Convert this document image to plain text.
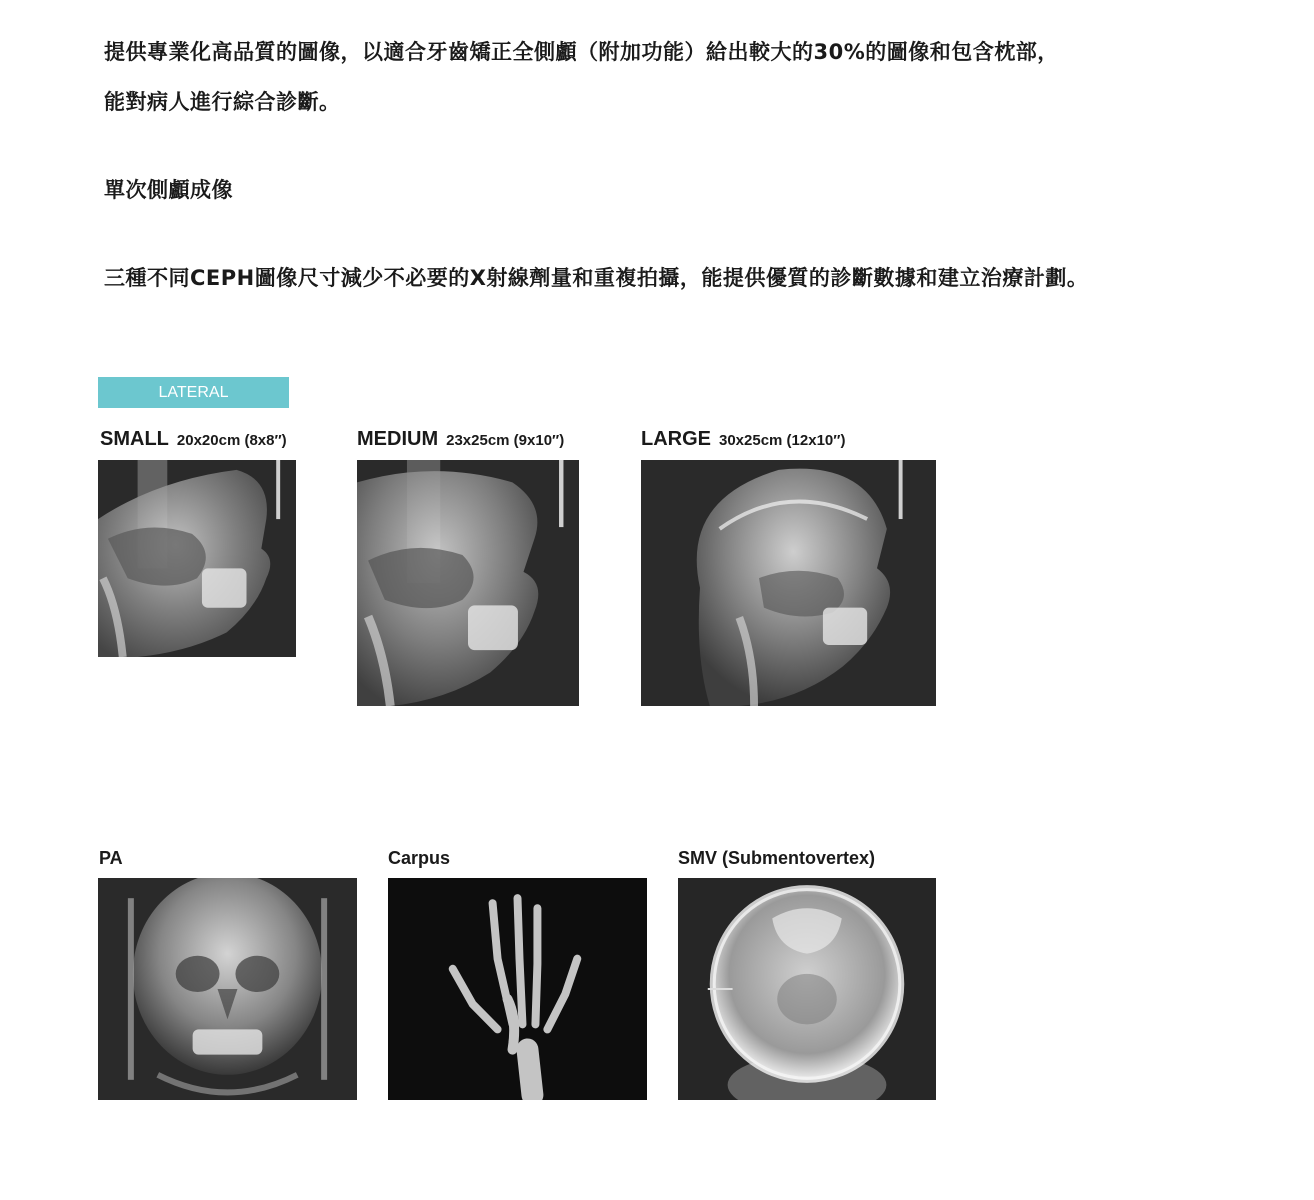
提供專業化高品質的圖像，以適合牙齒矯正全側顱（附加功能）給出較大的30%的圖像和包含枕部，

能對病人進行綜合診斷。

單次側顱成像

三種不同CEPH圖像尺寸減少不必要的X射線劑量和重複拍攝，能提供優質的診斷數據和建立治療計劃。

LATERAL
SMALL 20x20cm (8x8″)	MEDIUM 23x25cm (9x10″)	LARGE 30x25cm (12x10″)
PA	Carpus	SMV (Submentovertex)
